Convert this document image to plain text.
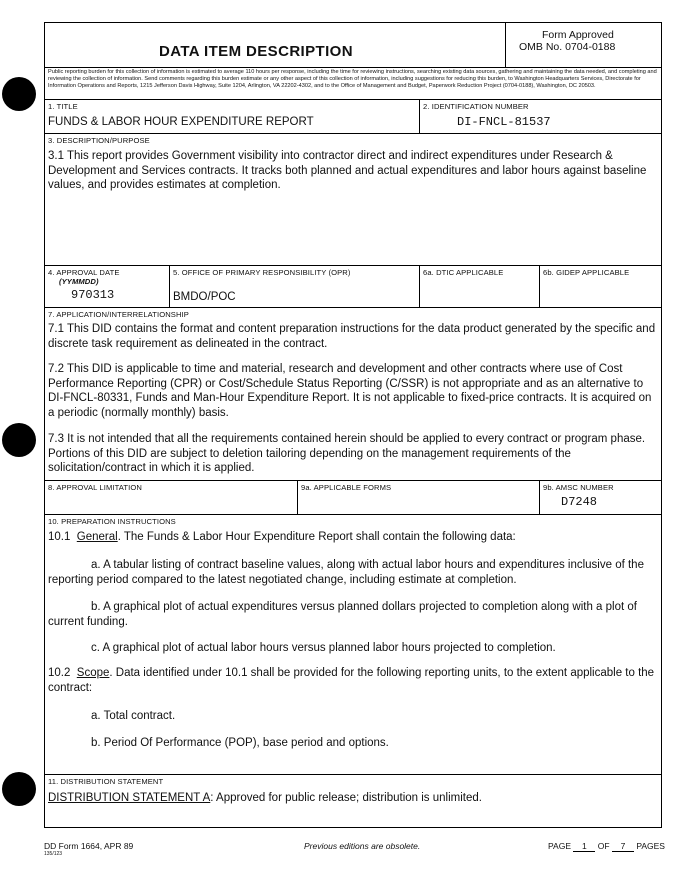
DATA ITEM DESCRIPTION
Form Approved
OMB No. 0704-0188
Public reporting burden for this collection of information is estimated to average 110 hours per response, including the time for reviewing instructions, searching existing data sources, gathering and maintaining the data needed, and completing and reviewing the collection of information. Send comments regarding this burden estimate or any other aspect of this collection of information, including suggestions for reducing this burden, to Washington Headquarters Services, Directorate for Information Operations and Reports, 1215 Jefferson Davis Highway, Suite 1204, Arlington, VA 22202-4302, and to the Office of Management and Budget, Paperwork Reduction Project (0704-0188), Washington, DC 20503.
1. TITLE
FUNDS & LABOR HOUR EXPENDITURE REPORT
2. IDENTIFICATION NUMBER
DI-FNCL-81537
3. DESCRIPTION/PURPOSE
3.1 This report provides Government visibility into contractor direct and indirect expenditures under Research & Development and Services contracts. It tracks both planned and actual expenditures and labor hours against baseline values, and provides estimates at completion.
4. APPROVAL DATE
(YYMMDD)
970313
5. OFFICE OF PRIMARY RESPONSIBILITY (OPR)
BMDO/POC
6a. DTIC APPLICABLE	6b. GIDEP APPLICABLE
7. APPLICATION/INTERRELATIONSHIP
7.1 This DID contains the format and content preparation instructions for the data product generated by the specific and discrete task requirement as delineated in the contract.
7.2 This DID is applicable to time and material, research and development and other contracts where use of Cost Performance Reporting (CPR) or Cost/Schedule Status Reporting (C/SSR) is not appropriate and as an alternative to DI-FNCL-80331, Funds and Man-Hour Expenditure Report. It is not applicable to fixed-price contracts. It is acquired on a periodic (normally monthly) basis.
7.3 It is not intended that all the requirements contained herein should be applied to every contract or program phase. Portions of this DID are subject to deletion tailoring depending on the management requirements of the solicitation/contract in which it is applied.
8. APPROVAL LIMITATION	9a. APPLICABLE FORMS	9b. AMSC NUMBER
D7248
10. PREPARATION INSTRUCTIONS
10.1 General. The Funds & Labor Hour Expenditure Report shall contain the following data:
a. A tabular listing of contract baseline values, along with actual labor hours and expenditures inclusive of the reporting period compared to the latest negotiated change, including estimate at completion.
b. A graphical plot of actual expenditures versus planned dollars projected to completion along with a plot of current funding.
c. A graphical plot of actual labor hours versus planned labor hours projected to completion.
10.2 Scope. Data identified under 10.1 shall be provided for the following reporting units, to the extent applicable to the contract:
a. Total contract.
b. Period Of Performance (POP), base period and options.
11. DISTRIBUTION STATEMENT
DISTRIBUTION STATEMENT A: Approved for public release; distribution is unlimited.
DD Form 1664, APR 89
135/123
Previous editions are obsolete.	PAGE 1 OF 7 PAGES
